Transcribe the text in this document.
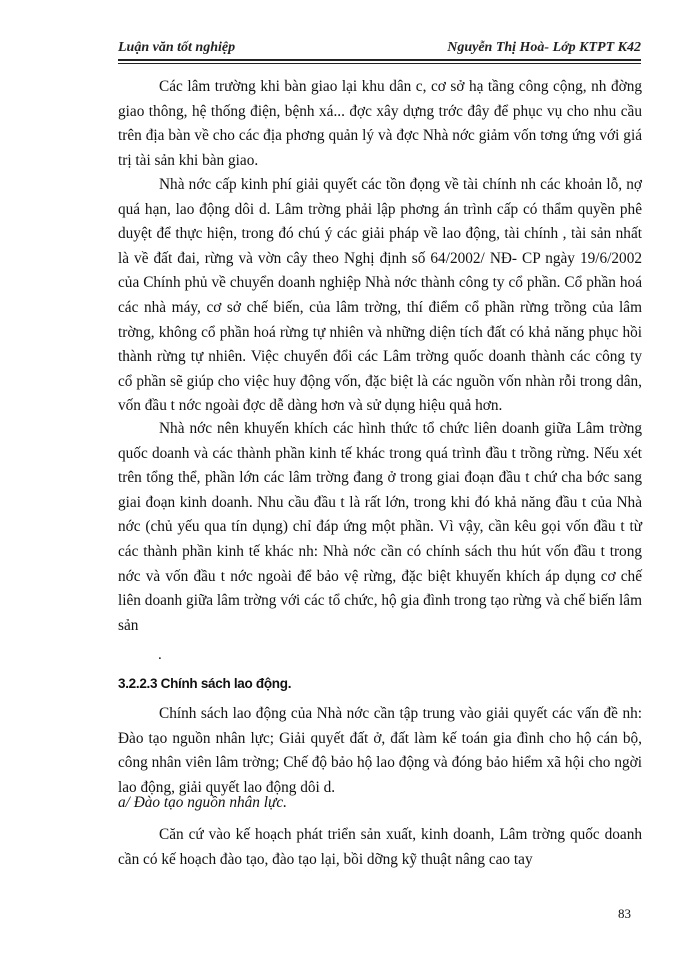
Luận văn tốt nghiệp	Nguyễn Thị Hoà- Lớp KTPT K42

Các lâm trường khi bàn giao lại khu dân c, cơ sở hạ tầng công cộng, nh đờng giao thông, hệ thống điện, bệnh xá... đợc xây dựng trớc đây để phục vụ cho nhu cầu trên địa bàn về cho các địa phơng quản lý và đợc Nhà nớc giảm vốn tơng ứng với giá trị tài sản khi bàn giao.

Nhà nớc cấp kinh phí giải quyết các tồn đọng về tài chính nh các khoản lỗ, nợ quá hạn, lao động dôi d. Lâm trờng phải lập phơng án trình cấp có thẩm quyền phê duyệt để thực hiện, trong đó chú ý các giải pháp về lao động, tài chính , tài sản nhất là về đất đai, rừng và vờn cây theo Nghị định số 64/2002/ NĐ- CP ngày 19/6/2002 của Chính phủ về chuyển doanh nghiệp Nhà nớc thành công ty cổ phần. Cổ phần hoá các nhà máy, cơ sở chế biến, của lâm trờng, thí điểm cổ phần rừng trồng của lâm trờng, không cổ phần hoá rừng tự nhiên và những diện tích đất có khả năng phục hồi thành rừng tự nhiên. Việc chuyển đổi các Lâm trờng quốc doanh thành các công ty cổ phần sẽ giúp cho việc huy động vốn, đặc biệt là các nguồn vốn nhàn rỗi trong dân, vốn đầu t nớc ngoài đợc dễ dàng hơn và sử dụng hiệu quả hơn.

Nhà nớc nên khuyến khích các hình thức tổ chức liên doanh giữa Lâm trờng quốc doanh và các thành phần kinh tế khác trong quá trình đầu t trồng rừng. Nếu xét trên tổng thể, phần lớn các lâm trờng đang ở trong giai đoạn đầu t chứ cha bớc sang giai đoạn kinh doanh. Nhu cầu đầu t là rất lớn, trong khi đó khả năng đầu t của Nhà nớc (chủ yếu qua tín dụng) chỉ đáp ứng một phần. Vì vậy, cần kêu gọi vốn đầu t từ các thành phần kinh tế khác nh: Nhà nớc cần có chính sách thu hút vốn đầu t trong nớc và vốn đầu t nớc ngoài để bảo vệ rừng, đặc biệt khuyến khích áp dụng cơ chế liên doanh giữa lâm trờng với các tổ chức, hộ gia đình trong tạo rừng và chế biến lâm sản

.
3.2.2.3 Chính sách lao động.

Chính sách lao động của Nhà nớc cần tập trung vào giải quyết các vấn đề nh: Đào tạo nguồn nhân lực; Giải quyết đất ở, đất làm kế toán gia đình cho hộ cán bộ, công nhân viên lâm trờng; Chế độ bảo hộ lao động và đóng bảo hiểm xã hội cho ngời lao động, giải quyết lao động dôi d.

a/ Đào tạo nguồn nhân lực.

Căn cứ vào kế hoạch phát triển sản xuất, kinh doanh, Lâm trờng quốc doanh cần có kế hoạch đào tạo, đào tạo lại, bồi dỡng kỹ thuật nâng cao tay

83
